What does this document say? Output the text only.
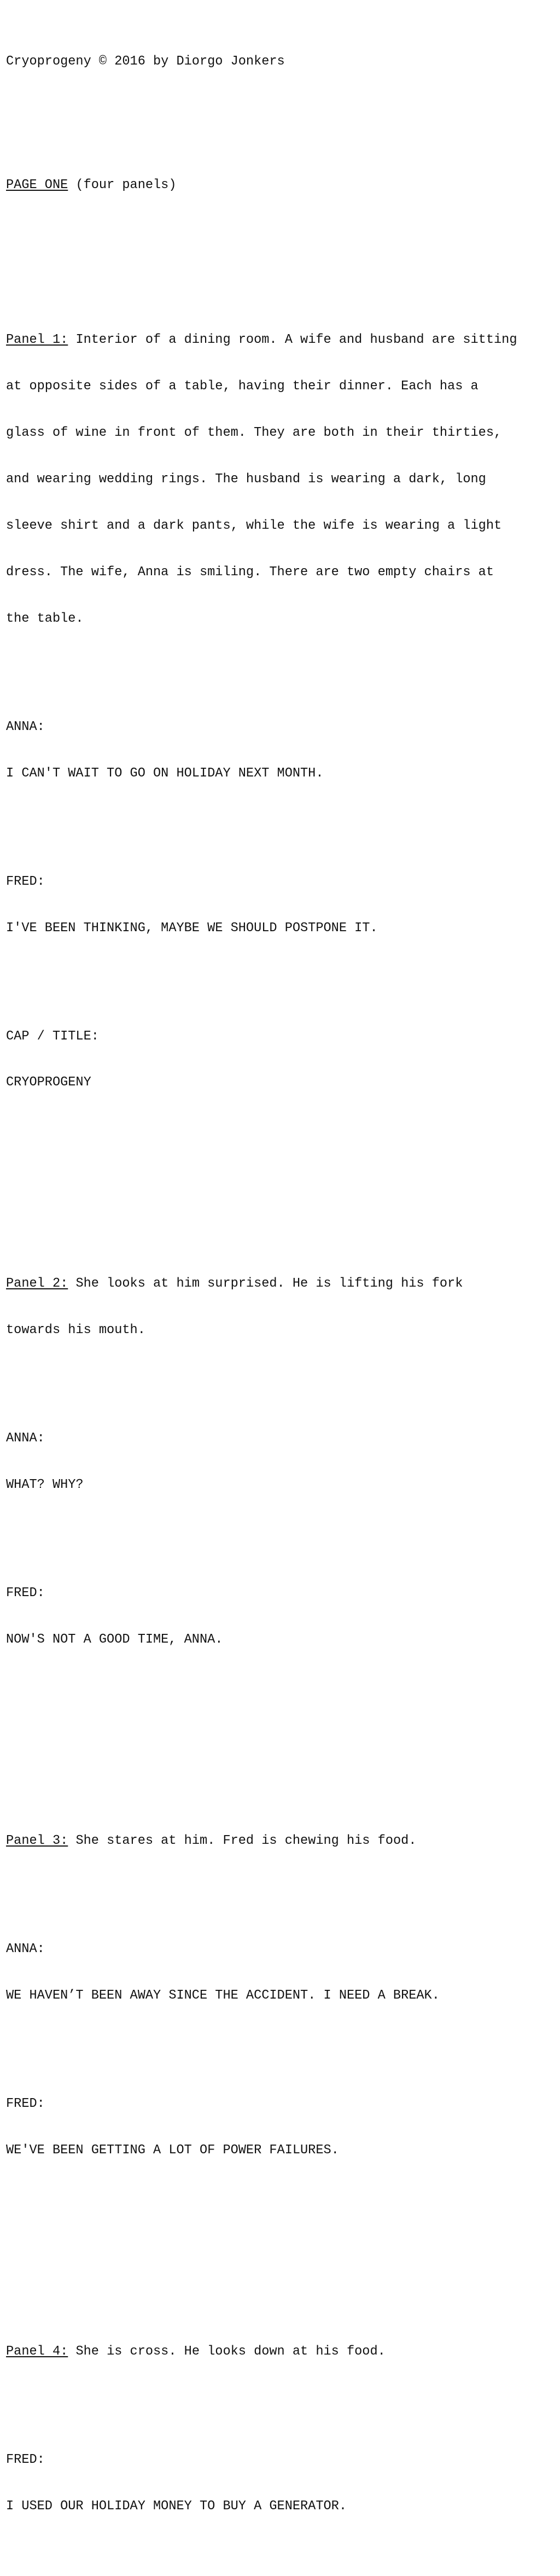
Cryoprogeny © 2016 by Diorgo Jonkers

PAGE ONE (four panels)

Panel 1: Interior of a dining room. A wife and husband are sitting

at opposite sides of a table, having their dinner. Each has a

glass of wine in front of them. They are both in their thirties,

and wearing wedding rings. The husband is wearing a dark, long

sleeve shirt and a dark pants, while the wife is wearing a light

dress. The wife, Anna is smiling. There are two empty chairs at

the table.

ANNA:

I CAN'T WAIT TO GO ON HOLIDAY NEXT MONTH.

FRED:

I'VE BEEN THINKING, MAYBE WE SHOULD POSTPONE IT.

CAP / TITLE:

CRYOPROGENY

Panel 2: She looks at him surprised. He is lifting his fork

towards his mouth.

ANNA:

WHAT? WHY?

FRED:

NOW'S NOT A GOOD TIME, ANNA.

Panel 3: She stares at him. Fred is chewing his food.

ANNA:

WE HAVEN’T BEEN AWAY SINCE THE ACCIDENT. I NEED A BREAK.

FRED:

WE'VE BEEN GETTING A LOT OF POWER FAILURES.

Panel 4: She is cross. He looks down at his food.

FRED:

I USED OUR HOLIDAY MONEY TO BUY A GENERATOR.
